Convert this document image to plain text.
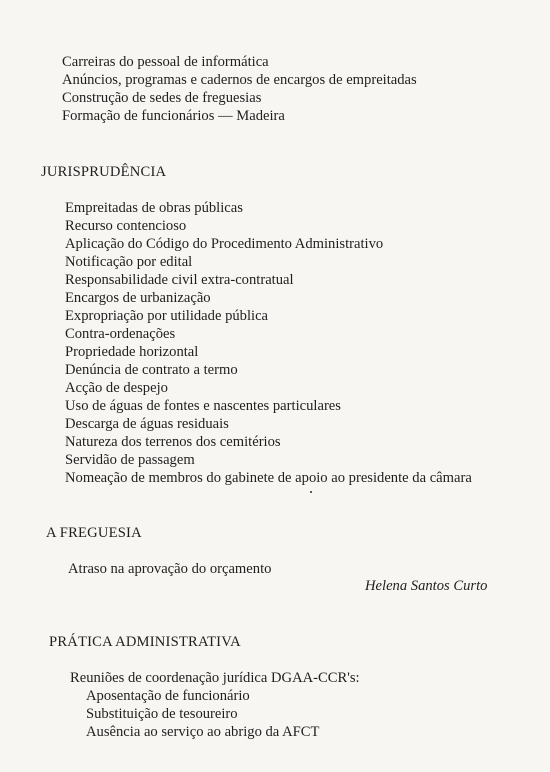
Carreiras do pessoal de informática
Anúncios, programas e cadernos de encargos de empreitadas
Construção de sedes de freguesias
Formação de funcionários — Madeira
JURISPRUDÊNCIA
Empreitadas de obras públicas
Recurso contencioso
Aplicação do Código do Procedimento Administrativo
Notificação por edital
Responsabilidade civil extra-contratual
Encargos de urbanização
Expropriação por utilidade pública
Contra-ordenações
Propriedade horizontal
Denúncia de contrato a termo
Acção de despejo
Uso de águas de fontes e nascentes particulares
Descarga de águas residuais
Natureza dos terrenos dos cemitérios
Servidão de passagem
Nomeação de membros do gabinete de apoio ao presidente da câmara
A FREGUESIA
Atraso na aprovação do orçamento
Helena Santos Curto
PRÁTICA ADMINISTRATIVA
Reuniões de coordenação jurídica DGAA-CCR's:
Aposentação de funcionário
Substituição de tesoureiro
Ausência ao serviço ao abrigo da AFCT
